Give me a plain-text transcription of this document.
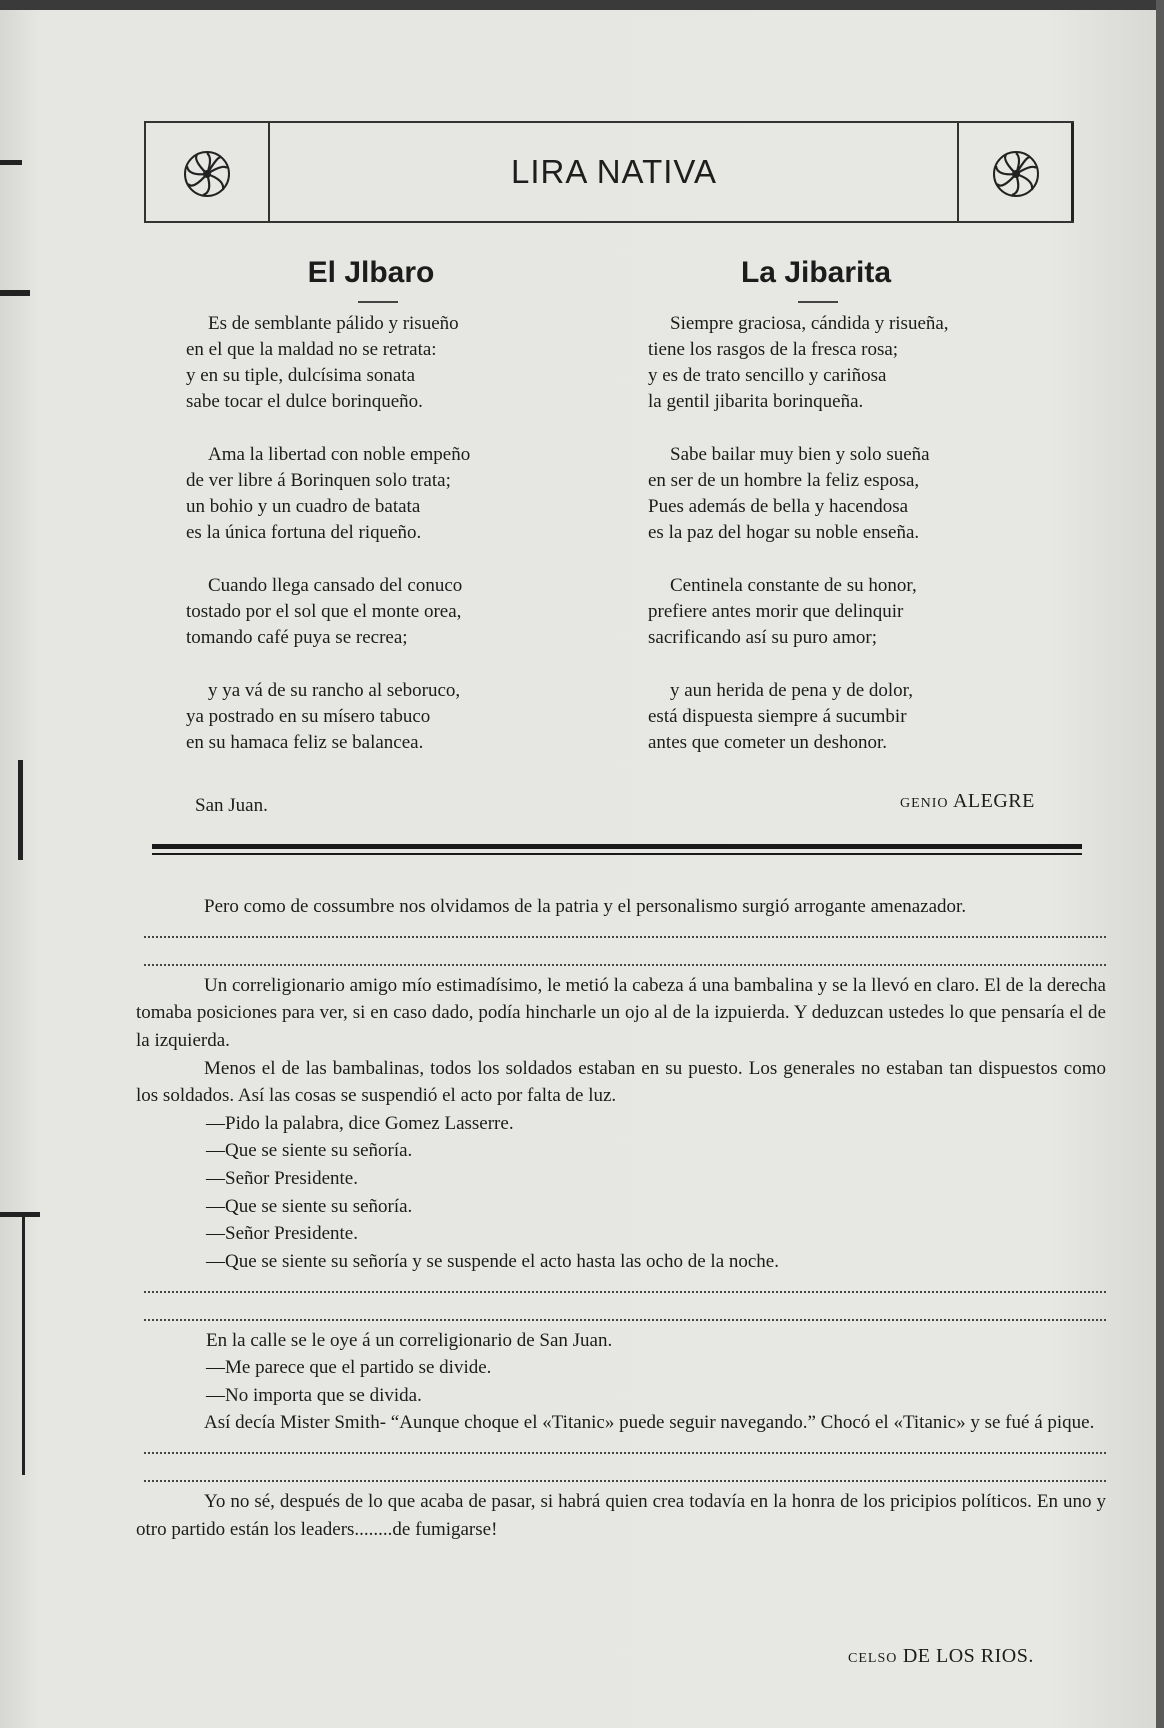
LIRA NATIVA
El Jlbaro
Es de semblante pálido y risueño
en el que la maldad no se retrata:
y en su tiple, dulcísima sonata
sabe tocar el dulce borinqueño.
Ama la libertad con noble empeño
de ver libre á Borinquen solo trata;
un bohio y un cuadro de batata
es la única fortuna del riqueño.
Cuando llega cansado del conuco
tostado por el sol que el monte orea,
tomando café puya se recrea;
y ya vá de su rancho al seboruco,
ya postrado en su mísero tabuco
en su hamaca feliz se balancea.
San Juan.
La Jibarita
Siempre graciosa, cándida y risueña,
tiene los rasgos de la fresca rosa;
y es de trato sencillo y cariñosa
la gentil jibarita borinqueña.
Sabe bailar muy bien y solo sueña
en ser de un hombre la feliz esposa,
Pues además de bella y hacendosa
es la paz del hogar su noble enseña.
Centinela constante de su honor,
prefiere antes morir que delinquir
sacrificando así su puro amor;
y aun herida de pena y de dolor,
está dispuesta siempre á sucumbir
antes que cometer un deshonor.
GENIO ALEGRE
Pero como de cossumbre nos olvidamos de la patria y el personalismo surgió arrogante amenazador.
Un correligionario amigo mío estimadísimo, le metió la cabeza á una bambalina y se la llevó en claro. El de la derecha tomaba posiciones para ver, si en caso dado, podía hincharle un ojo al de la izpuierda. Y deduzcan ustedes lo que pensaría el de la izquierda.
Menos el de las bambalinas, todos los soldados estaban en su puesto. Los generales no estaban tan dispuestos como los soldados. Así las cosas se suspendió el acto por falta de luz.
—Pido la palabra, dice Gomez Lasserre.
—Que se siente su señoría.
—Señor Presidente.
—Que se siente su señoría.
—Señor Presidente.
—Que se siente su señoría y se suspende el acto hasta las ocho de la noche.
En la calle se le oye á un correligionario de San Juan.
—Me parece que el partido se divide.
—No importa que se divida.
Así decía Mister Smith- “Aunque choque el «Titanic» puede seguir navegando.” Chocó el «Titanic» y se fué á pique.
Yo no sé, después de lo que acaba de pasar, si habrá quien crea todavía en la honra de los pricipios políticos. En uno y otro partido están los leaders........de fumigarse!
CELSO DE LOS RIOS.
